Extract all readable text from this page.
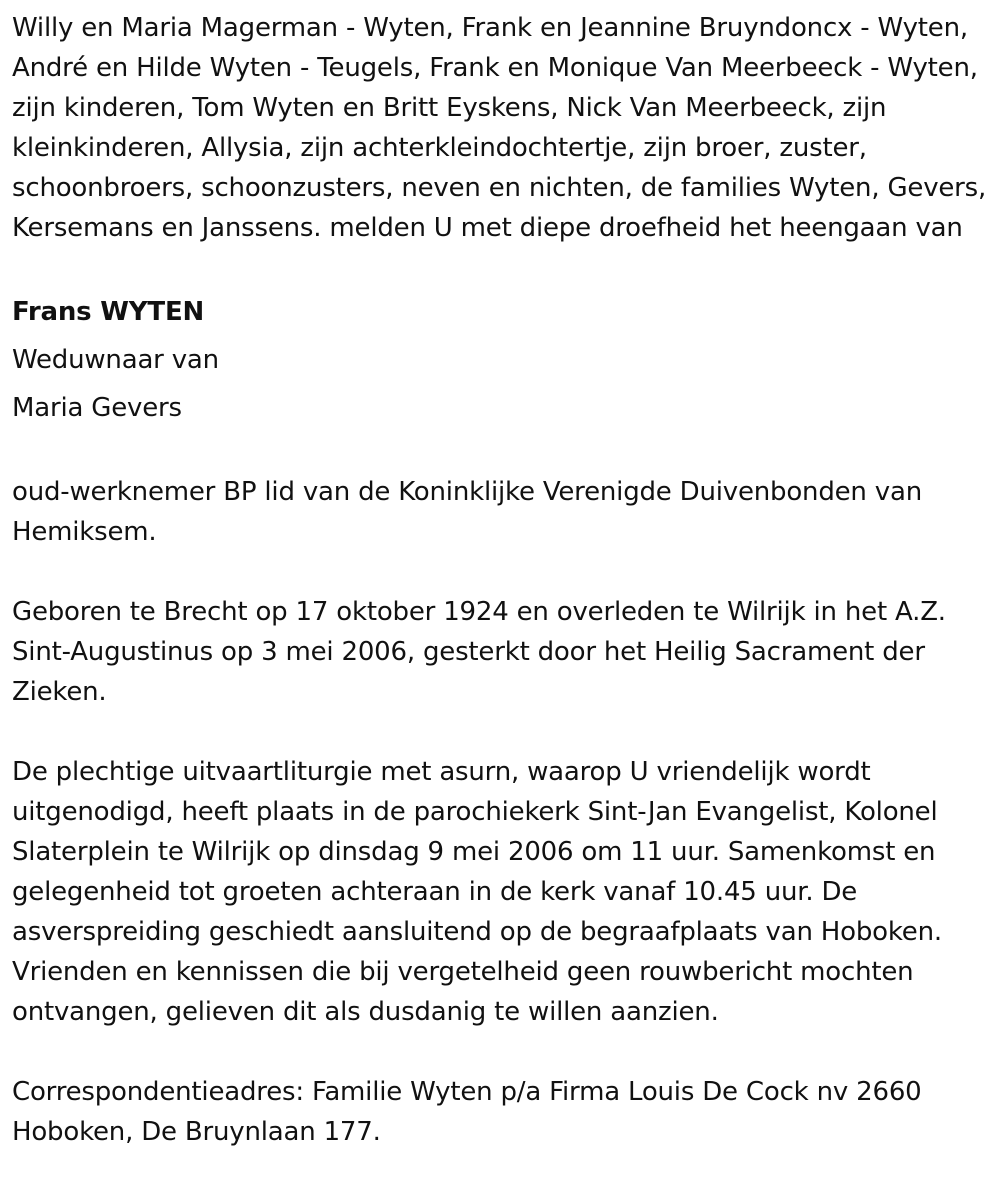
Willy en Maria Magerman - Wyten, Frank en Jeannine Bruyndoncx - Wyten, André en Hilde Wyten - Teugels, Frank en Monique Van Meerbeeck - Wyten, zijn kinderen, Tom Wyten en Britt Eyskens, Nick Van Meerbeeck, zijn kleinkinderen, Allysia, zijn achterkleindochtertje, zijn broer, zuster, schoonbroers, schoonzusters, neven en nichten, de families Wyten, Gevers, Kersemans en Janssens. melden U met diepe droefheid het heengaan van

Frans WYTEN

Weduwnaar van

Maria Gevers

oud-werknemer BP lid van de Koninklijke Verenigde Duivenbonden van Hemiksem.

Geboren te Brecht op 17 oktober 1924 en overleden te Wilrijk in het A.Z. Sint-Augustinus op 3 mei 2006, gesterkt door het Heilig Sacrament der Zieken.

De plechtige uitvaartliturgie met asurn, waarop U vriendelijk wordt uitgenodigd, heeft plaats in de parochiekerk Sint-Jan Evangelist, Kolonel Slaterplein te Wilrijk op dinsdag 9 mei 2006 om 11 uur. Samenkomst en gelegenheid tot groeten achteraan in de kerk vanaf 10.45 uur. De asverspreiding geschiedt aansluitend op de begraafplaats van Hoboken. Vrienden en kennissen die bij vergetelheid geen rouwbericht mochten ontvangen, gelieven dit als dusdanig te willen aanzien.

Correspondentieadres: Familie Wyten p/a Firma Louis De Cock nv 2660 Hoboken, De Bruynlaan 177.
